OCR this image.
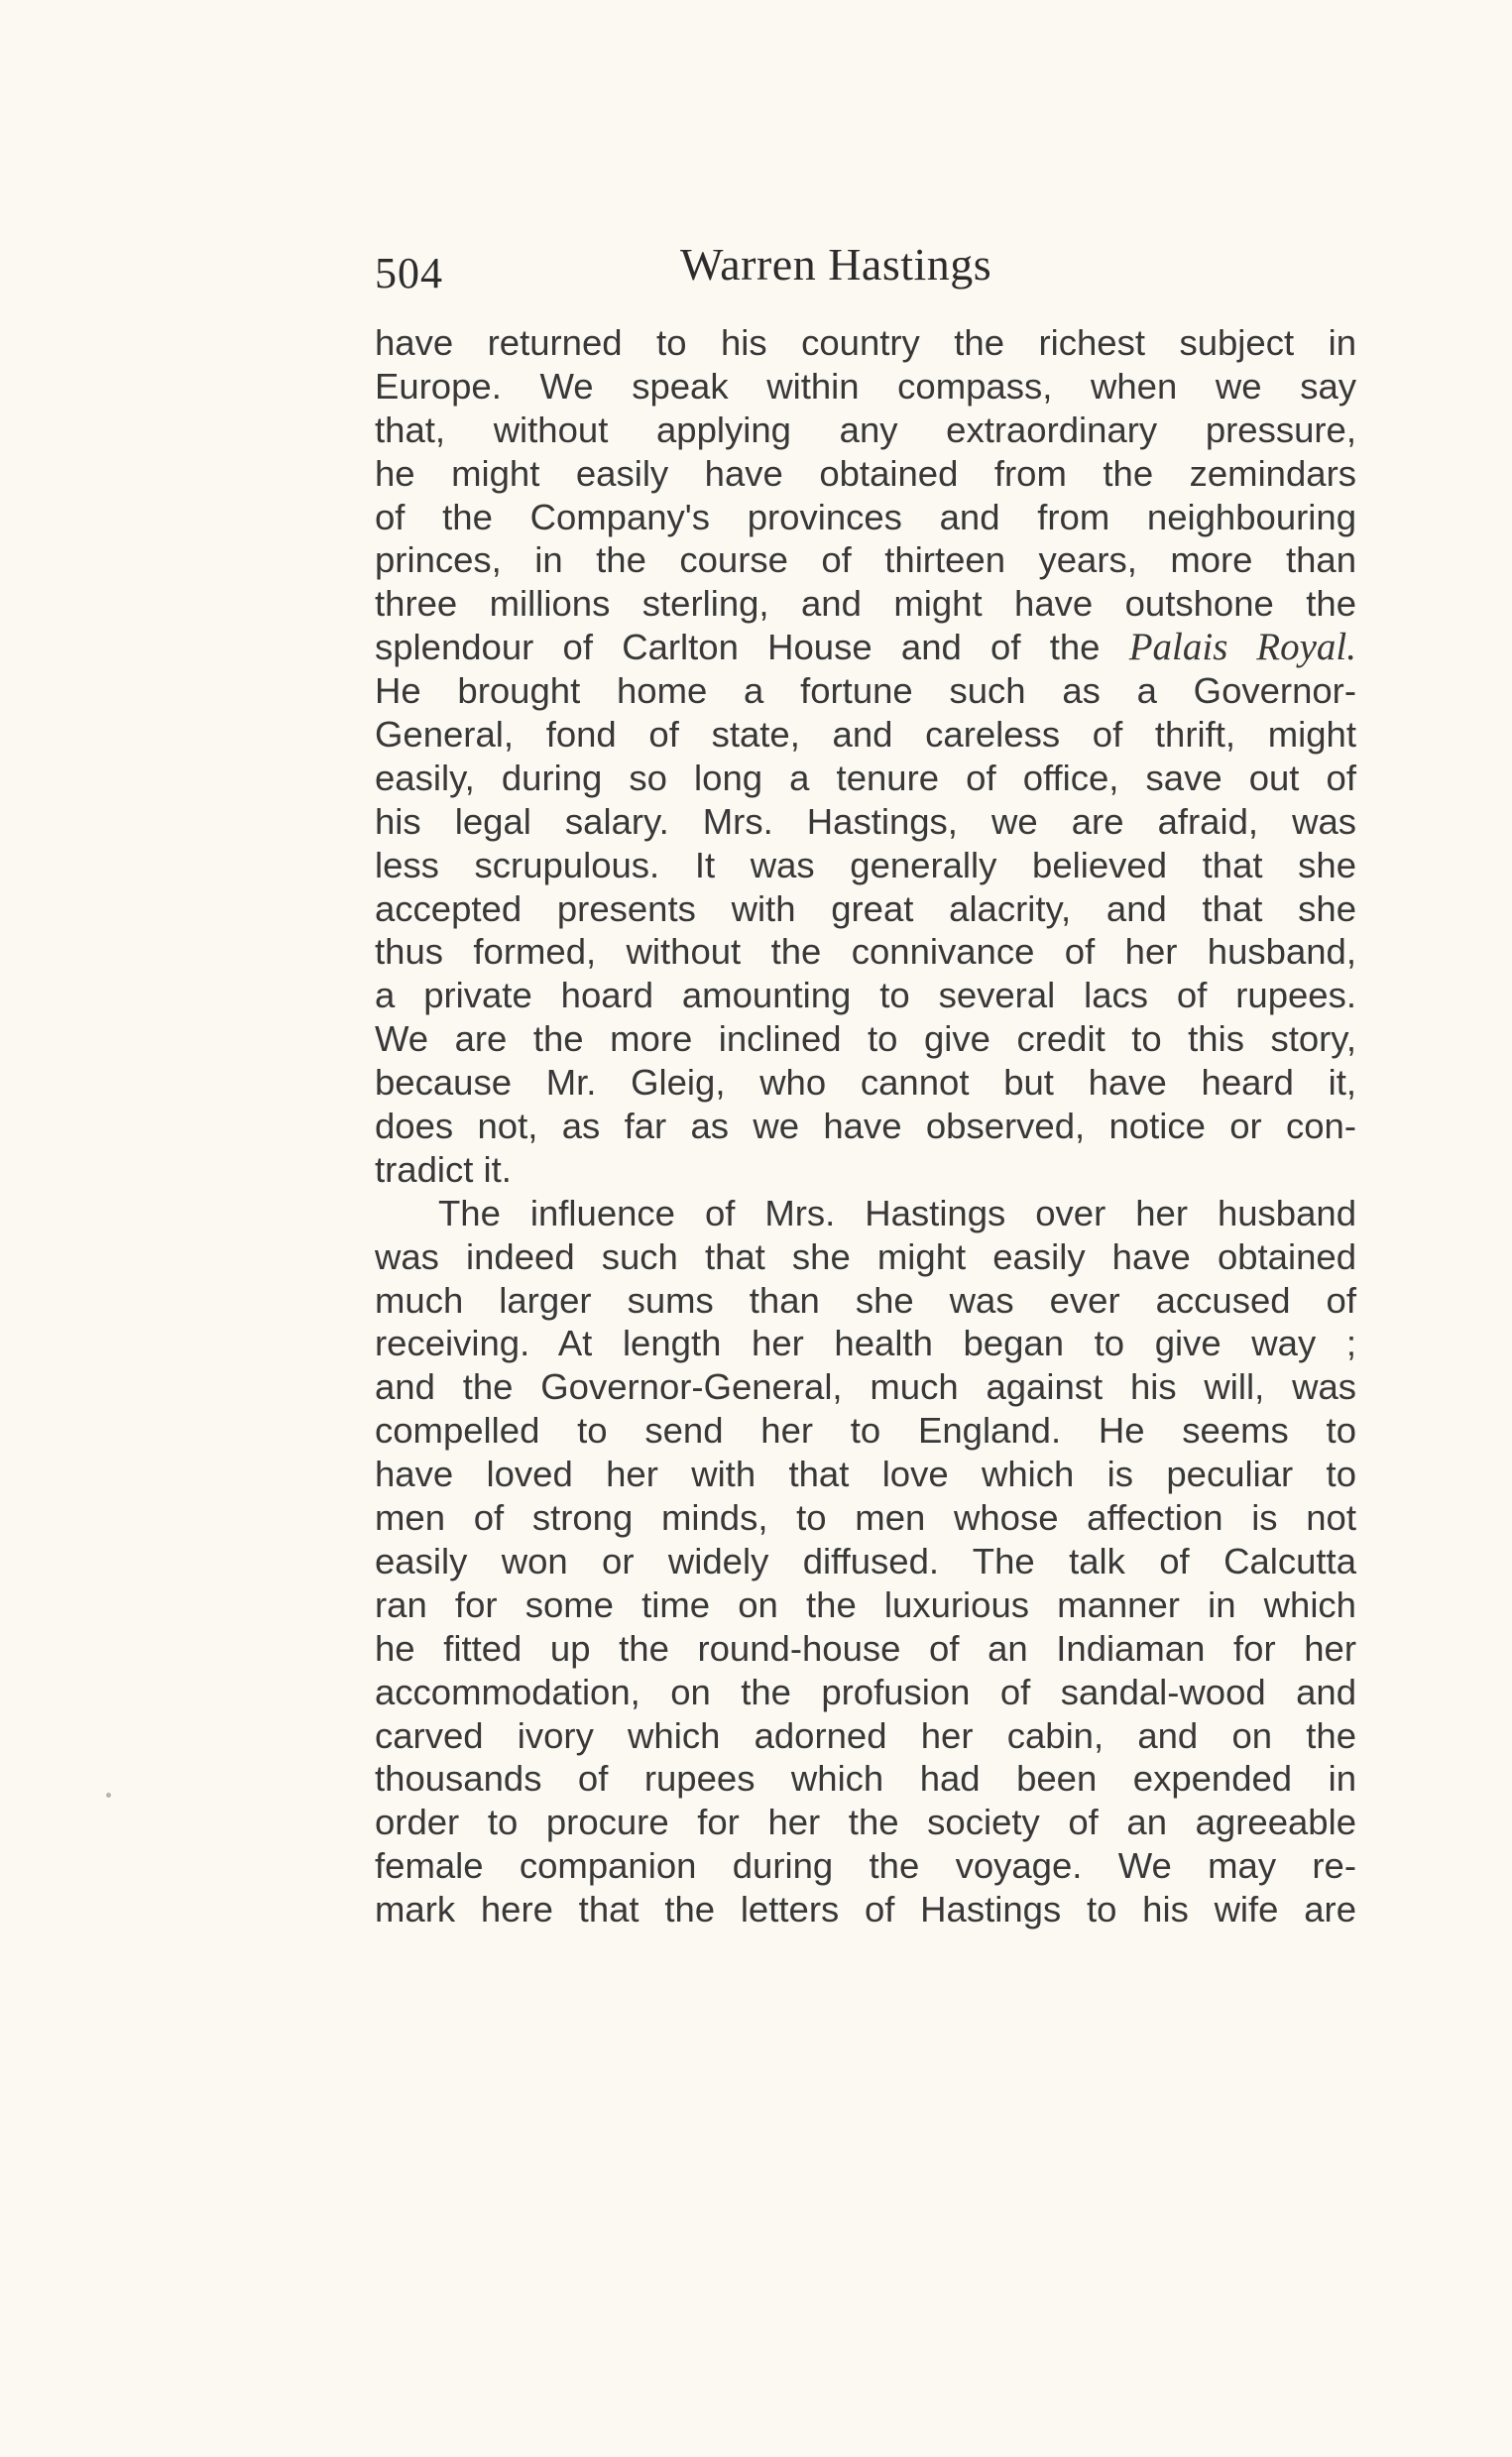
504	Warren Hastings
have returned to his country the richest subject in
Europe. We speak within compass, when we say
that, without applying any extraordinary pressure,
he might easily have obtained from the zemindars
of the Company's provinces and from neighbouring
princes, in the course of thirteen years, more than
three millions sterling, and might have outshone the
splendour of Carlton House and of the Palais Royal.
He brought home a fortune such as a Governor-
General, fond of state, and careless of thrift, might
easily, during so long a tenure of office, save out of
his legal salary. Mrs. Hastings, we are afraid, was
less scrupulous. It was generally believed that she
accepted presents with great alacrity, and that she
thus formed, without the connivance of her husband,
a private hoard amounting to several lacs of rupees.
We are the more inclined to give credit to this story,
because Mr. Gleig, who cannot but have heard it,
does not, as far as we have observed, notice or con-
tradict it.
The influence of Mrs. Hastings over her husband
was indeed such that she might easily have obtained
much larger sums than she was ever accused of
receiving. At length her health began to give way ;
and the Governor-General, much against his will, was
compelled to send her to England. He seems to
have loved her with that love which is peculiar to
men of strong minds, to men whose affection is not
easily won or widely diffused. The talk of Calcutta
ran for some time on the luxurious manner in which
he fitted up the round-house of an Indiaman for her
accommodation, on the profusion of sandal-wood and
carved ivory which adorned her cabin, and on the
thousands of rupees which had been expended in
order to procure for her the society of an agreeable
female companion during the voyage. We may re-
mark here that the letters of Hastings to his wife are
